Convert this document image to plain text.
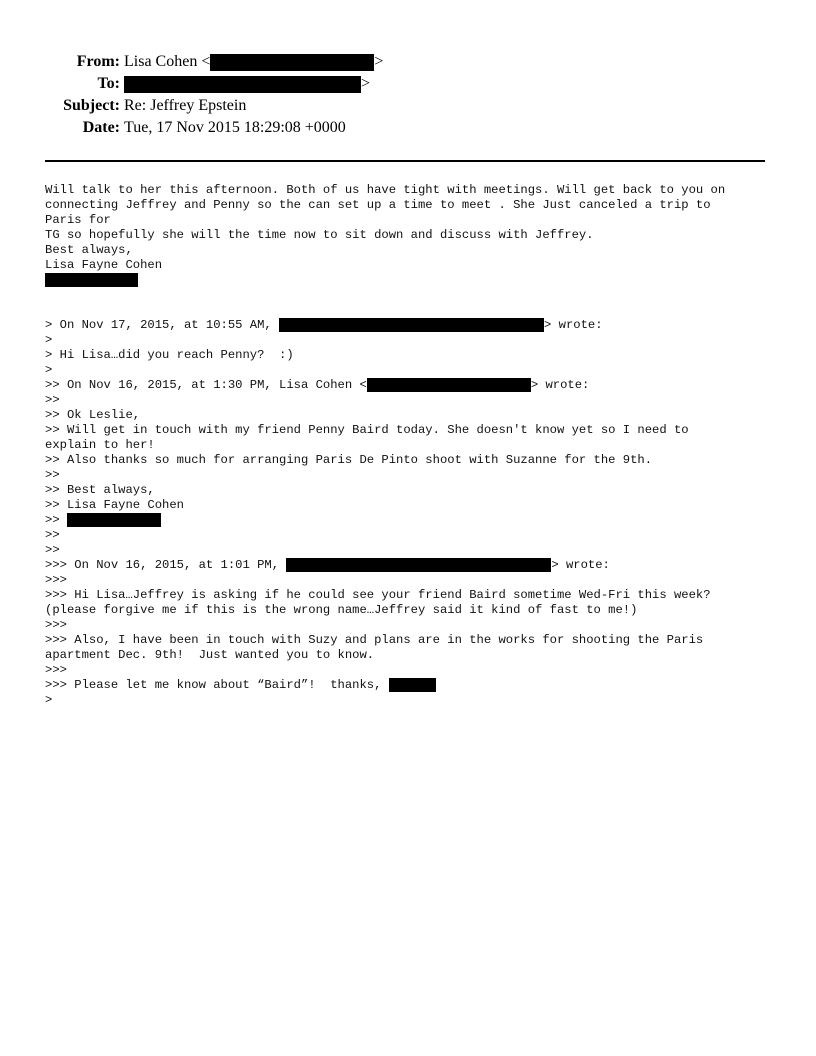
From: Lisa Cohen <	>
To:	>
Subject: Re: Jeffrey Epstein
Date: Tue, 17 Nov 2015 18:29:08 +0000
Will talk to her this afternoon. Both of us have tight with meetings. Will get back to you on
connecting Jeffrey and Penny so the can set up a time to meet . She Just canceled a trip to
Paris for
TG so hopefully she will the time now to sit down and discuss with Jeffrey.
Best always,
Lisa Fayne Cohen
> On Nov 17, 2015, at 10:55 AM,	> wrote:
>
> Hi Lisa…did you reach Penny?  :)
>
>> On Nov 16, 2015, at 1:30 PM, Lisa Cohen <	> wrote:
>>
>> Ok Leslie,
>> Will get in touch with my friend Penny Baird today. She doesn't know yet so I need to
explain to her!
>> Also thanks so much for arranging Paris De Pinto shoot with Suzanne for the 9th.
>>
>> Best always,
>> Lisa Fayne Cohen
>>
>>
>>
>>> On Nov 16, 2015, at 1:01 PM,	> wrote:
>>>
>>> Hi Lisa…Jeffrey is asking if he could see your friend Baird sometime Wed-Fri this week?
(please forgive me if this is the wrong name…Jeffrey said it kind of fast to me!)
>>>
>>> Also, I have been in touch with Suzy and plans are in the works for shooting the Paris
apartment Dec. 9th!  Just wanted you to know.
>>>
>>> Please let me know about “Baird”!  thanks,
>
